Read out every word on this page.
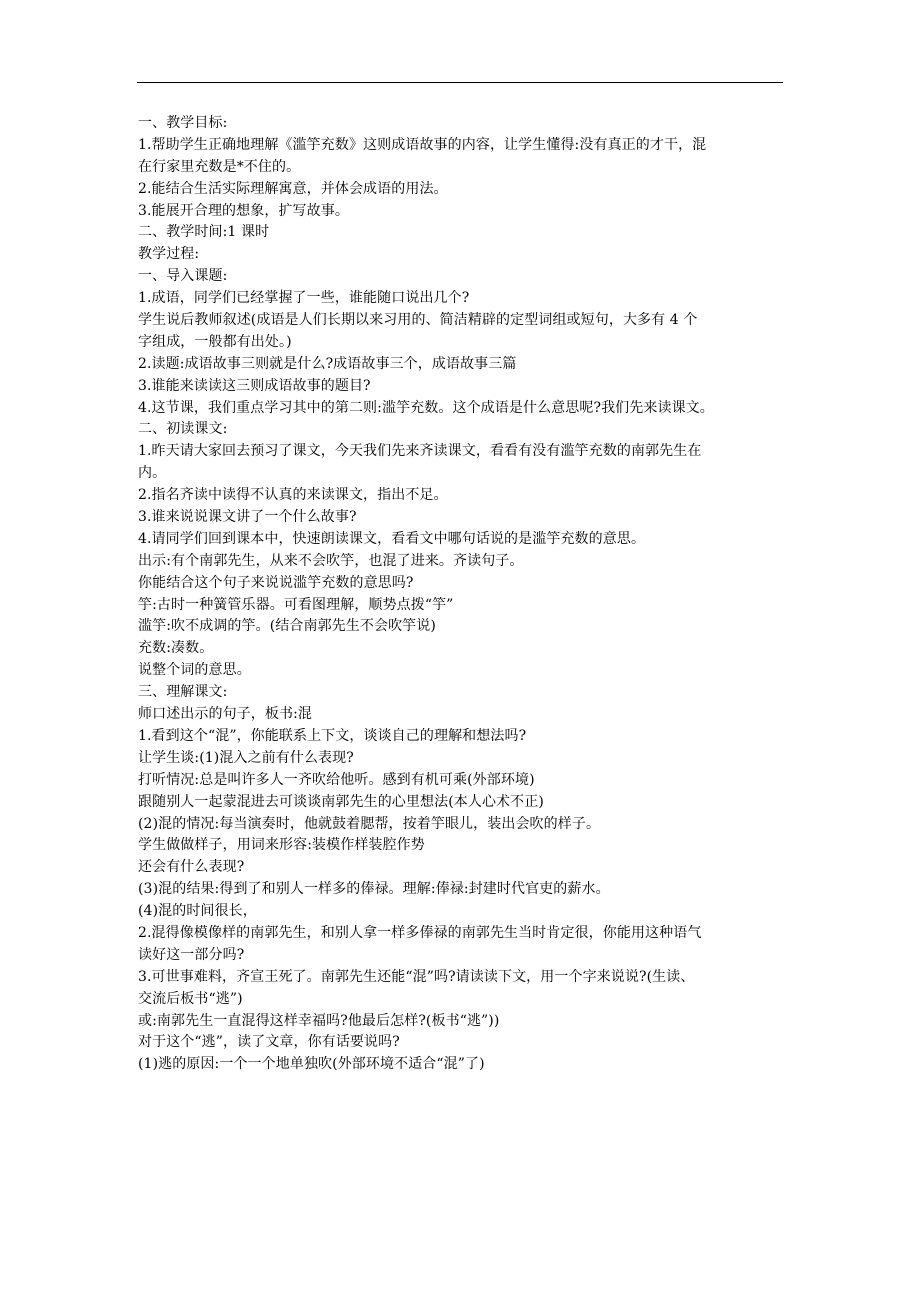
一、教学目标:
1.帮助学生正确地理解《滥竽充数》这则成语故事的内容，让学生懂得:没有真正的才干，混
在行家里充数是*不住的。
2.能结合生活实际理解寓意，并体会成语的用法。
3.能展开合理的想象，扩写故事。
二、教学时间:1 课时
教学过程:
一、导入课题:
1.成语，同学们已经掌握了一些，谁能随口说出几个?
学生说后教师叙述(成语是人们长期以来习用的、简洁精辟的定型词组或短句，大多有 4 个
字组成，一般都有出处。)
2.读题:成语故事三则就是什么?成语故事三个，成语故事三篇
3.谁能来读读这三则成语故事的题目?
4.这节课，我们重点学习其中的第二则:滥竽充数。这个成语是什么意思呢?我们先来读课文。
二、初读课文:
1.昨天请大家回去预习了课文，今天我们先来齐读课文，看看有没有滥竽充数的南郭先生在
内。
2.指名齐读中读得不认真的来读课文，指出不足。
3.谁来说说课文讲了一个什么故事?
4.请同学们回到课本中，快速朗读课文，看看文中哪句话说的是滥竽充数的意思。
出示:有个南郭先生，从来不会吹竽，也混了进来。齐读句子。
你能结合这个句子来说说滥竽充数的意思吗?
竽:古时一种簧管乐器。可看图理解，顺势点拨“竽”
滥竽:吹不成调的竽。(结合南郭先生不会吹竽说)
充数:凑数。
说整个词的意思。
三、理解课文:
师口述出示的句子，板书:混
1.看到这个“混”，你能联系上下文，谈谈自己的理解和想法吗?
让学生谈:(1)混入之前有什么表现?
打听情况:总是叫许多人一齐吹给他听。感到有机可乘(外部环境)
跟随别人一起蒙混进去可谈谈南郭先生的心里想法(本人心术不正)
(2)混的情况:每当演奏时，他就鼓着腮帮，按着竽眼儿，装出会吹的样子。
学生做做样子，用词来形容:装模作样装腔作势
还会有什么表现?
(3)混的结果:得到了和别人一样多的俸禄。理解:俸禄:封建时代官吏的薪水。
(4)混的时间很长，
2.混得像模像样的南郭先生，和别人拿一样多俸禄的南郭先生当时肯定很，你能用这种语气
读好这一部分吗?
3.可世事难料，齐宣王死了。南郭先生还能“混”吗?请读读下文，用一个字来说说?(生读、
交流后板书“逃”)
或:南郭先生一直混得这样幸福吗?他最后怎样?(板书“逃”))
对于这个“逃”，读了文章，你有话要说吗?
(1)逃的原因:一个一个地单独吹(外部环境不适合“混”了)
